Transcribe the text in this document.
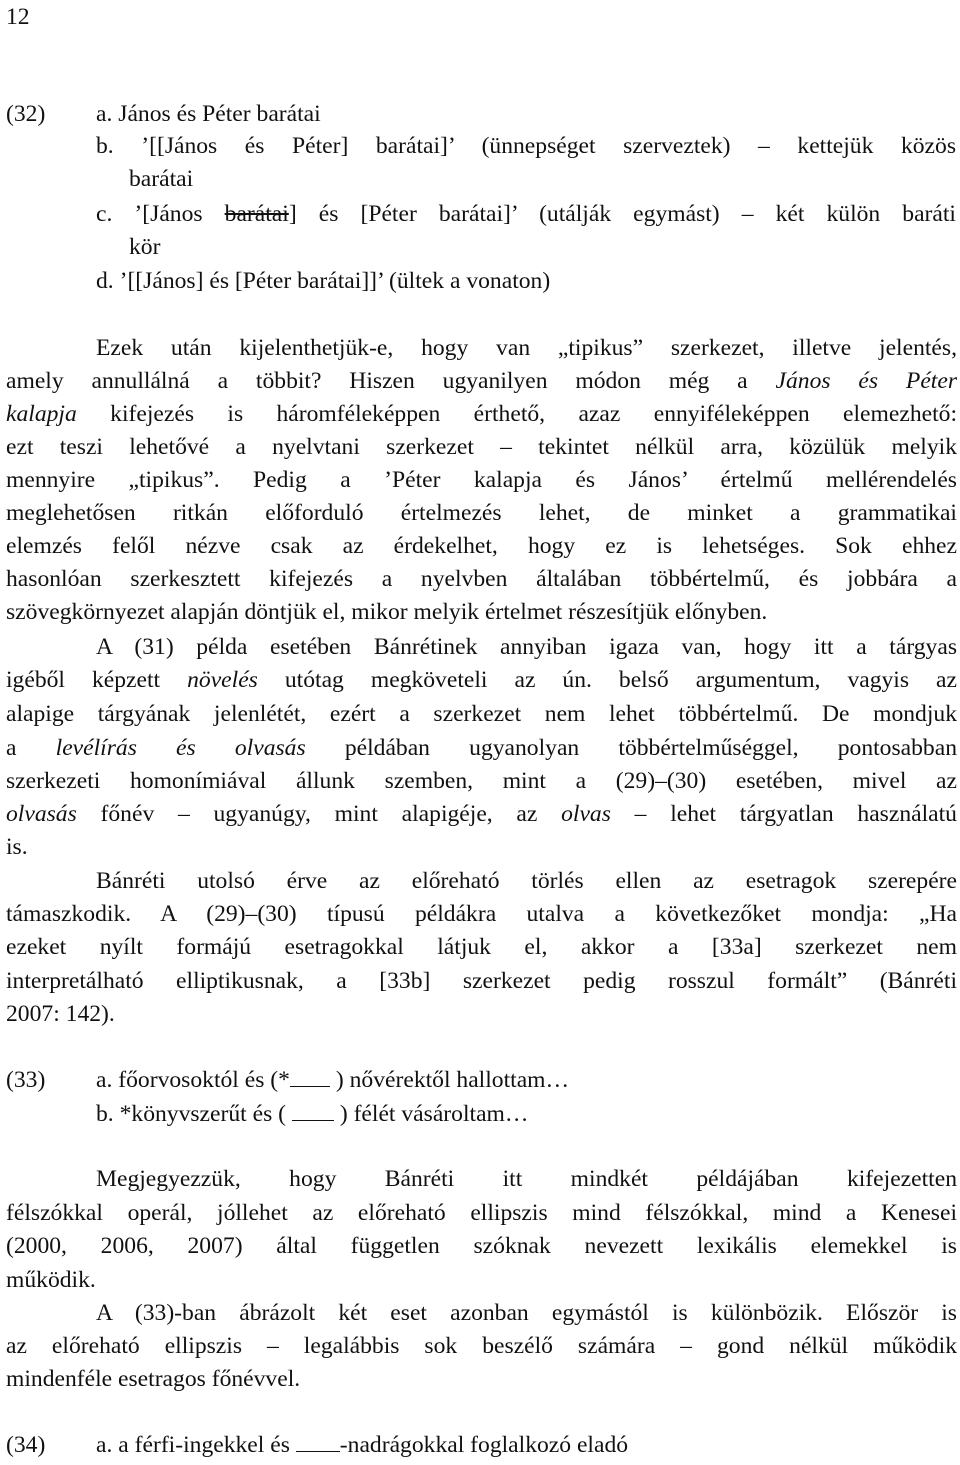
12
(32) a. János és Péter barátai
b. ’[[János és Péter] barátai]’ (ünnepséget szerveztek) – kettejük közös
barátai
c. ’[János barátai] és [Péter barátai]’ (utálják egymást) – két külön baráti
kör
d. ’[[János] és [Péter barátai]]’ (ültek a vonaton)
Ezek után kijelenthetjük-e, hogy van „tipikus” szerkezet, illetve jelentés,
amely annullálná a többit? Hiszen ugyanilyen módon még a János és Péter
kalapja kifejezés is háromféleképpen érthető, azaz ennyiféleképpen elemezhető:
ezt teszi lehetővé a nyelvtani szerkezet – tekintet nélkül arra, közülük melyik
mennyire „tipikus”. Pedig a ’Péter kalapja és János’ értelmű mellérendelés
meglehetősen ritkán előforduló értelmezés lehet, de minket a grammatikai
elemzés felől nézve csak az érdekelhet, hogy ez is lehetséges. Sok ehhez
hasonlóan szerkesztett kifejezés a nyelvben általában többértelmű, és jobbára a
szövegkörnyezet alapján döntjük el, mikor melyik értelmet részesítjük előnyben.
A (31) példa esetében Bánrétinek annyiban igaza van, hogy itt a tárgyas
igéből képzett növelés utótag megköveteli az ún. belső argumentum, vagyis az
alapige tárgyának jelenlétét, ezért a szerkezet nem lehet többértelmű. De mondjuk
a levélírás és olvasás példában ugyanolyan többértelműséggel, pontosabban
szerkezeti homonímiával állunk szemben, mint a (29)–(30) esetében, mivel az
olvasás főnév – ugyanúgy, mint alapigéje, az olvas – lehet tárgyatlan használatú
is.
Bánréti utolsó érve az előreható törlés ellen az esetragok szerepére
támaszkodik. A (29)–(30) típusú példákra utalva a következőket mondja: „Ha
ezeket nyílt formájú esetragokkal látjuk el, akkor a [33a] szerkezet nem
interpretálható elliptikusnak, a [33b] szerkezet pedig rosszul formált” (Bánréti
2007: 142).
(33) a. főorvosoktól és (* ) nővérektől hallottam…
b. *könyvszerűt és (  ) félét vásároltam…
Megjegyezzük, hogy Bánréti itt mindkét példájában kifejezetten
félszókkal operál, jóllehet az előreható ellipszis mind félszókkal, mind a Kenesei
(2000, 2006, 2007) által független szóknak nevezett lexikális elemekkel is
működik.
A (33)-ban ábrázolt két eset azonban egymástól is különbözik. Először is
az előreható ellipszis – legalábbis sok beszélő számára – gond nélkül működik
mindenféle esetragos főnévvel.
(34) a. a férfi-ingekkel és -nadrágokkal foglalkozó eladó
